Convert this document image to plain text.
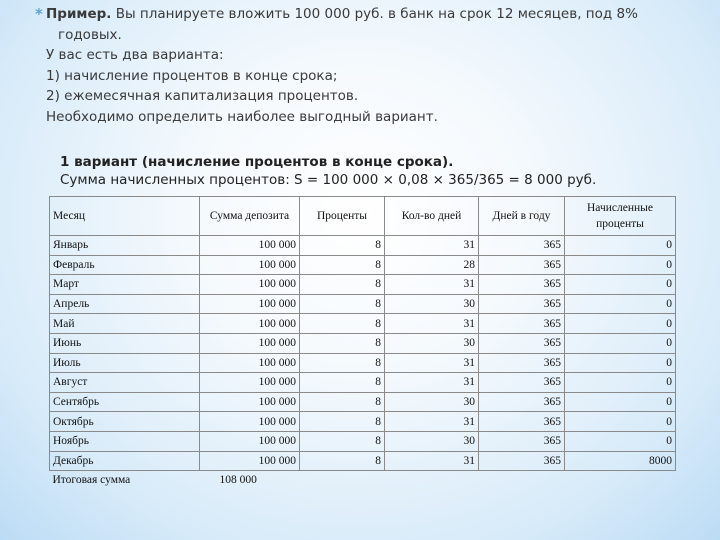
* Пример. Вы планируете вложить 100 000 руб. в банк на срок 12 месяцев, под 8%

годовых.

У вас есть два варианта:

1) начисление процентов в конце срока;

2) ежемесячная капитализация процентов.

Необходимо определить наиболее выгодный вариант.

1 вариант (начисление процентов в конце срока).

Сумма начисленных процентов: S = 100 000 × 0,08 × 365/365 = 8 000 руб.

Месяц	Сумма депозита	Проценты	Кол-во дней	Дней в году	Начисленные проценты
Январь	100 000	8	31	365	0
Февраль	100 000	8	28	365	0
Март	100 000	8	31	365	0
Апрель	100 000	8	30	365	0
Май	100 000	8	31	365	0
Июнь	100 000	8	30	365	0
Июль	100 000	8	31	365	0
Август	100 000	8	31	365	0
Сентябрь	100 000	8	30	365	0
Октябрь	100 000	8	31	365	0
Ноябрь	100 000	8	30	365	0
Декабрь	100 000	8	31	365	8000
Итоговая сумма	108 000				
